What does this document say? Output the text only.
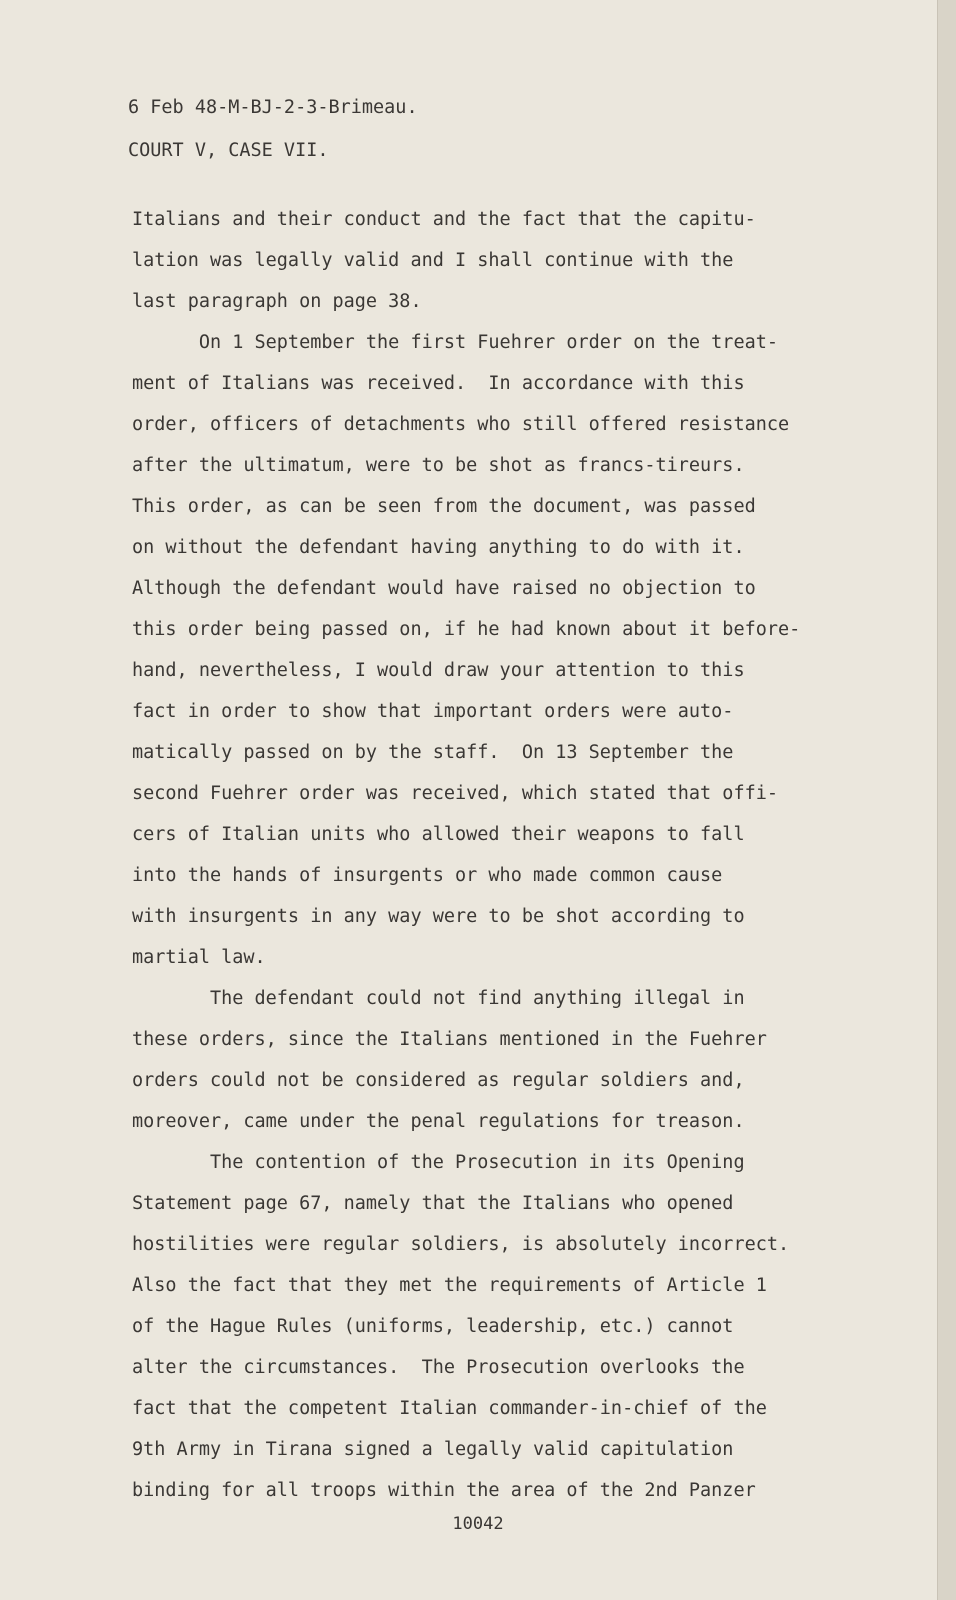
6 Feb 48-M-BJ-2-3-Brimeau.
COURT V, CASE VII.
Italians and their conduct and the fact that the capitu-
lation was legally valid and I shall continue with the
last paragraph on page 38.
On 1 September the first Fuehrer order on the treat-
ment of Italians was received.  In accordance with this
order, officers of detachments who still offered resistance
after the ultimatum, were to be shot as francs-tireurs.
This order, as can be seen from the document, was passed
on without the defendant having anything to do with it.
Although the defendant would have raised no objection to
this order being passed on, if he had known about it before-
hand, nevertheless, I would draw your attention to this
fact in order to show that important orders were auto-
matically passed on by the staff.  On 13 September the
second Fuehrer order was received, which stated that offi-
cers of Italian units who allowed their weapons to fall
into the hands of insurgents or who made common cause
with insurgents in any way were to be shot according to
martial law.
The defendant could not find anything illegal in
these orders, since the Italians mentioned in the Fuehrer
orders could not be considered as regular soldiers and,
moreover, came under the penal regulations for treason.
The contention of the Prosecution in its Opening
Statement page 67, namely that the Italians who opened
hostilities were regular soldiers, is absolutely incorrect.
Also the fact that they met the requirements of Article 1
of the Hague Rules (uniforms, leadership, etc.) cannot
alter the circumstances.  The Prosecution overlooks the
fact that the competent Italian commander-in-chief of the
9th Army in Tirana signed a legally valid capitulation
binding for all troops within the area of the 2nd Panzer
10042
